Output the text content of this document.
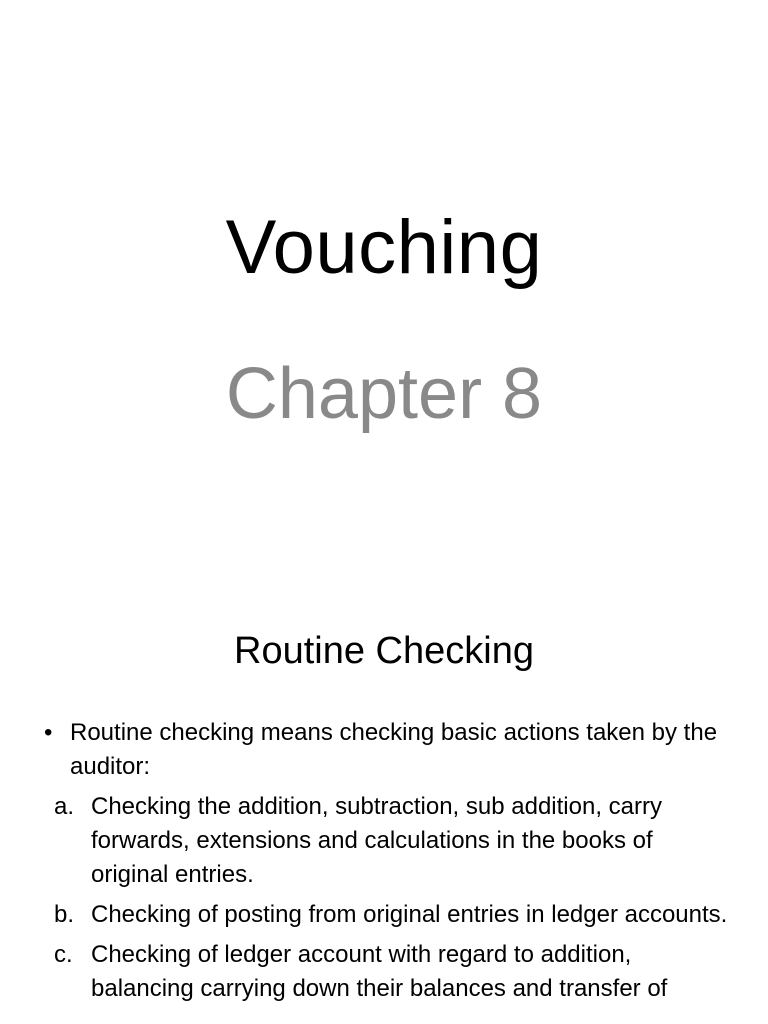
Vouching
Chapter 8
Routine Checking
• Routine checking means checking basic actions taken by the auditor:
a. Checking the addition, subtraction, sub addition, carry forwards, extensions and calculations in the books of original entries.
b. Checking of posting from original entries in ledger accounts.
c. Checking of ledger account with regard to addition, balancing carrying down their balances and transfer of
